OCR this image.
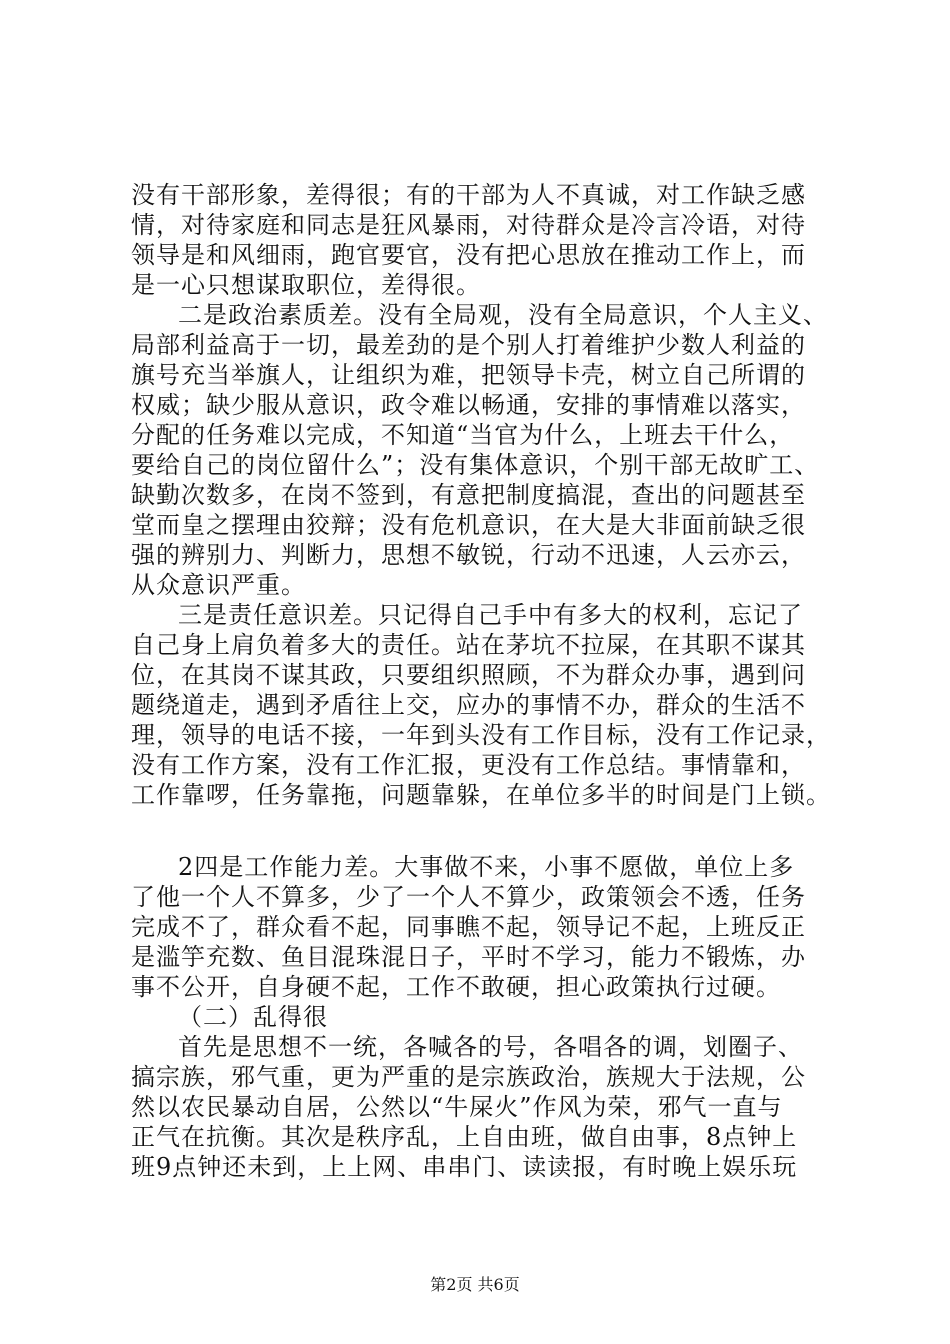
没有干部形象，差得很；有的干部为人不真诚，对工作缺乏感
情，对待家庭和同志是狂风暴雨，对待群众是冷言冷语，对待
领导是和风细雨，跑官要官，没有把心思放在推动工作上，而
是一心只想谋取职位，差得很。
二是政治素质差。没有全局观，没有全局意识，个人主义、
局部利益高于一切，最差劲的是个别人打着维护少数人利益的
旗号充当举旗人，让组织为难，把领导卡壳，树立自己所谓的
权威；缺少服从意识，政令难以畅通，安排的事情难以落实，
分配的任务难以完成，不知道“当官为什么，上班去干什么，
要给自己的岗位留什么”；没有集体意识，个别干部无故旷工、
缺勤次数多，在岗不签到，有意把制度搞混，查出的问题甚至
堂而皇之摆理由狡辩；没有危机意识，在大是大非面前缺乏很
强的辨别力、判断力，思想不敏锐，行动不迅速，人云亦云，
从众意识严重。
三是责任意识差。只记得自己手中有多大的权利，忘记了
自己身上肩负着多大的责任。站在茅坑不拉屎，在其职不谋其
位，在其岗不谋其政，只要组织照顾，不为群众办事，遇到问
题绕道走，遇到矛盾往上交，应办的事情不办，群众的生活不
理，领导的电话不接，一年到头没有工作目标，没有工作记录，
没有工作方案，没有工作汇报，更没有工作总结。事情靠和，
工作靠啰，任务靠拖，问题靠躲，在单位多半的时间是门上锁。
2四是工作能力差。大事做不来，小事不愿做，单位上多
了他一个人不算多，少了一个人不算少，政策领会不透，任务
完成不了，群众看不起，同事瞧不起，领导记不起，上班反正
是滥竽充数、鱼目混珠混日子，平时不学习，能力不锻炼，办
事不公开，自身硬不起，工作不敢硬，担心政策执行过硬。
（二）乱得很
首先是思想不一统，各喊各的号，各唱各的调，划圈子、
搞宗族，邪气重，更为严重的是宗族政治，族规大于法规，公
然以农民暴动自居，公然以“牛屎火”作风为荣，邪气一直与
正气在抗衡。其次是秩序乱，上自由班，做自由事，8点钟上
班9点钟还未到，上上网、串串门、读读报，有时晚上娱乐玩
第2页 共6页
